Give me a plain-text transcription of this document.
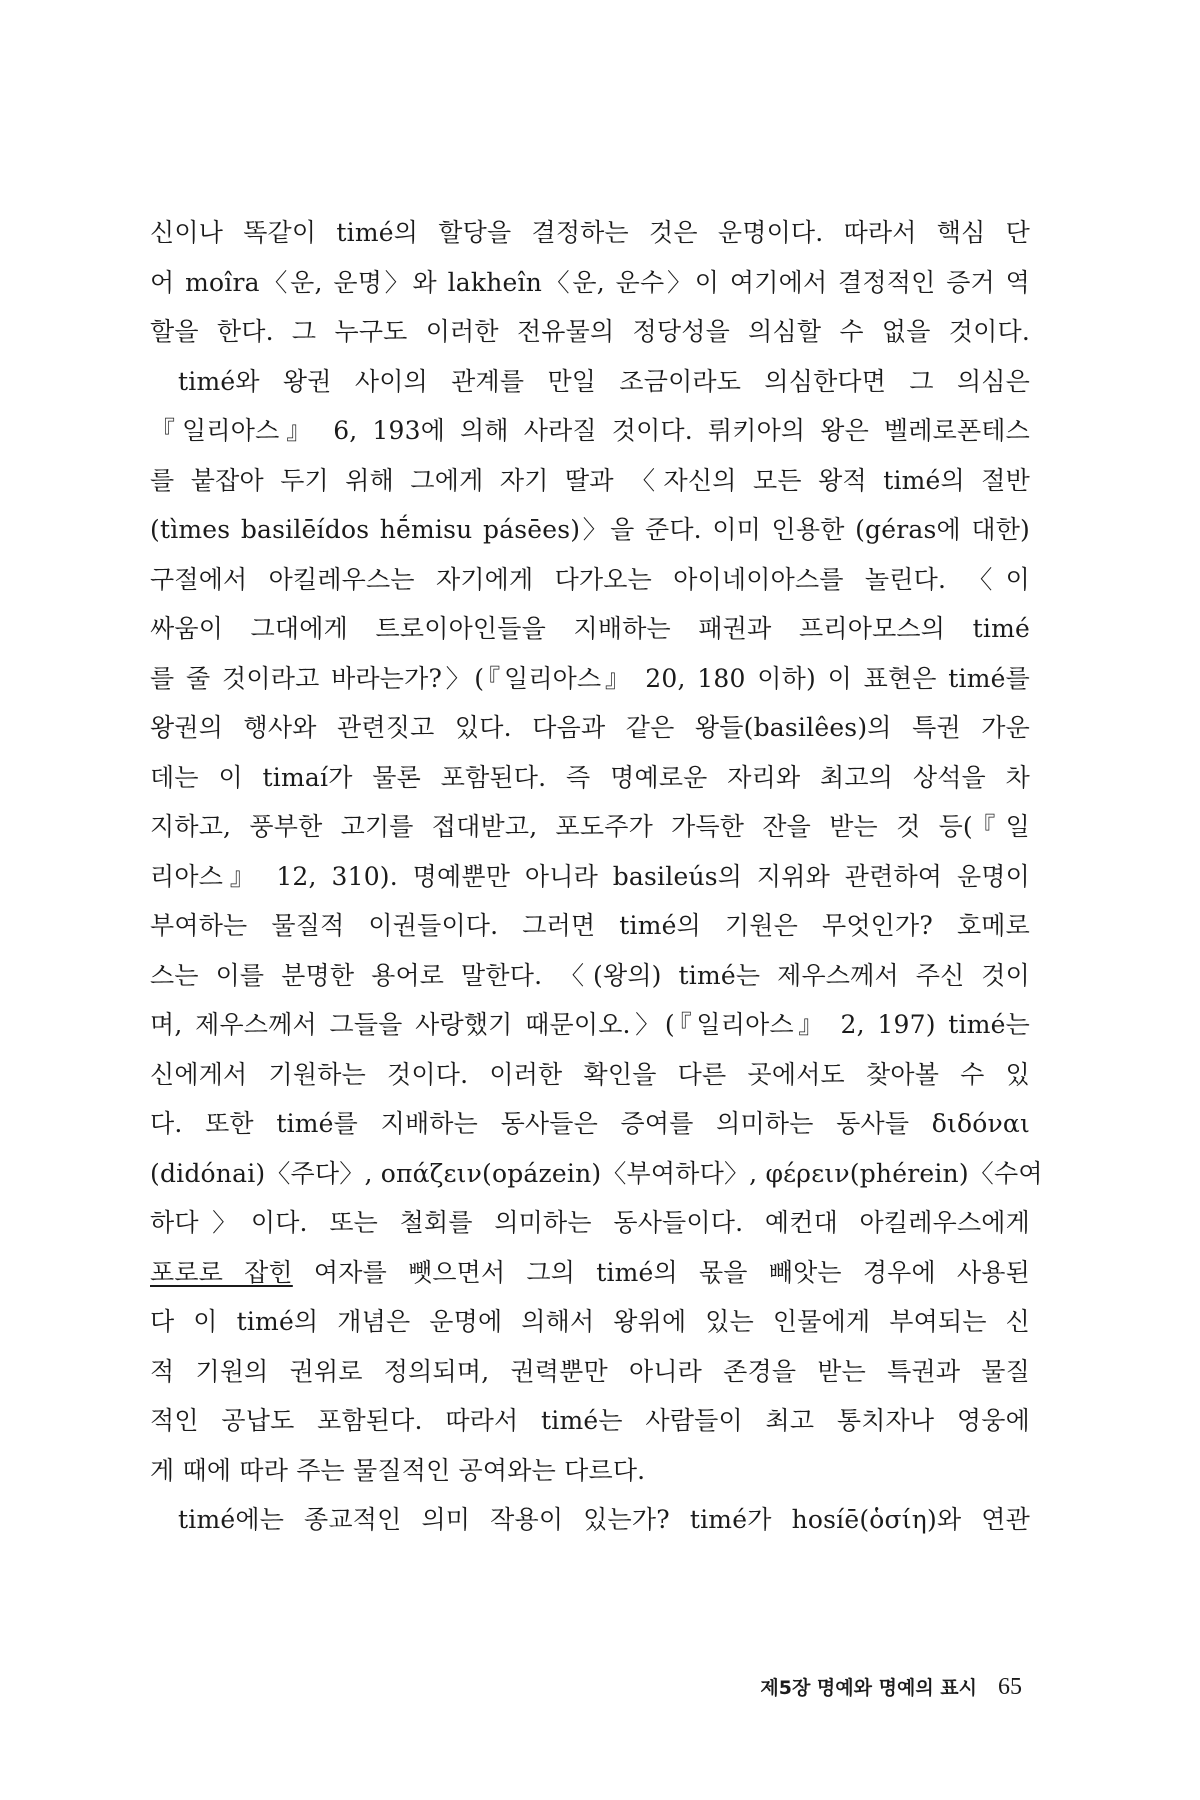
신이나 똑같이 timé의 할당을 결정하는 것은 운명이다. 따라서 핵심 단
어 moîra〈운, 운명〉와 lakheîn〈운, 운수〉이 여기에서 결정적인 증거 역
할을 한다. 그 누구도 이러한 전유물의 정당성을 의심할 수 없을 것이다.
timé와 왕권 사이의 관계를 만일 조금이라도 의심한다면 그 의심은
『일리아스』 6, 193에 의해 사라질 것이다. 뤼키아의 왕은 벨레로폰테스
를 붙잡아 두기 위해 그에게 자기 딸과 〈자신의 모든 왕적 timé의 절반
(tìmes basilēídos hḗmisu pásēes)〉을 준다. 이미 인용한 (géras에 대한)
구절에서 아킬레우스는 자기에게 다가오는 아이네이아스를 놀린다. 〈이
싸움이 그대에게 트로이아인들을 지배하는 패권과 프리아모스의 timé
를 줄 것이라고 바라는가?〉(『일리아스』 20, 180 이하) 이 표현은 timé를
왕권의 행사와 관련짓고 있다. 다음과 같은 왕들(basilêes)의 특권 가운
데는 이 timaí가 물론 포함된다. 즉 명예로운 자리와 최고의 상석을 차
지하고, 풍부한 고기를 접대받고, 포도주가 가득한 잔을 받는 것 등(『일
리아스』 12, 310). 명예뿐만 아니라 basileús의 지위와 관련하여 운명이
부여하는 물질적 이권들이다. 그러면 timé의 기원은 무엇인가? 호메로
스는 이를 분명한 용어로 말한다. 〈(왕의) timé는 제우스께서 주신 것이
며, 제우스께서 그들을 사랑했기 때문이오.〉(『일리아스』 2, 197) timé는
신에게서 기원하는 것이다. 이러한 확인을 다른 곳에서도 찾아볼 수 있
다. 또한 timé를 지배하는 동사들은 증여를 의미하는 동사들 διδόναι
(didónai)〈주다〉, οπάζειν(opázein)〈부여하다〉, φέρειν(phérein)〈수여
하다〉이다. 또는 철회를 의미하는 동사들이다. 예컨대 아킬레우스에게
포로로 잡힌 여자를 뺏으면서 그의 timé의 몫을 빼앗는 경우에 사용된
다 이 timé의 개념은 운명에 의해서 왕위에 있는 인물에게 부여되는 신
적 기원의 권위로 정의되며, 권력뿐만 아니라 존경을 받는 특권과 물질
적인 공납도 포함된다. 따라서 timé는 사람들이 최고 통치자나 영웅에
게 때에 따라 주는 물질적인 공여와는 다르다.
timé에는 종교적인 의미 작용이 있는가? timé가 hosíē(ὁσίη)와 연관
제5장 명예와 명예의 표시 65
